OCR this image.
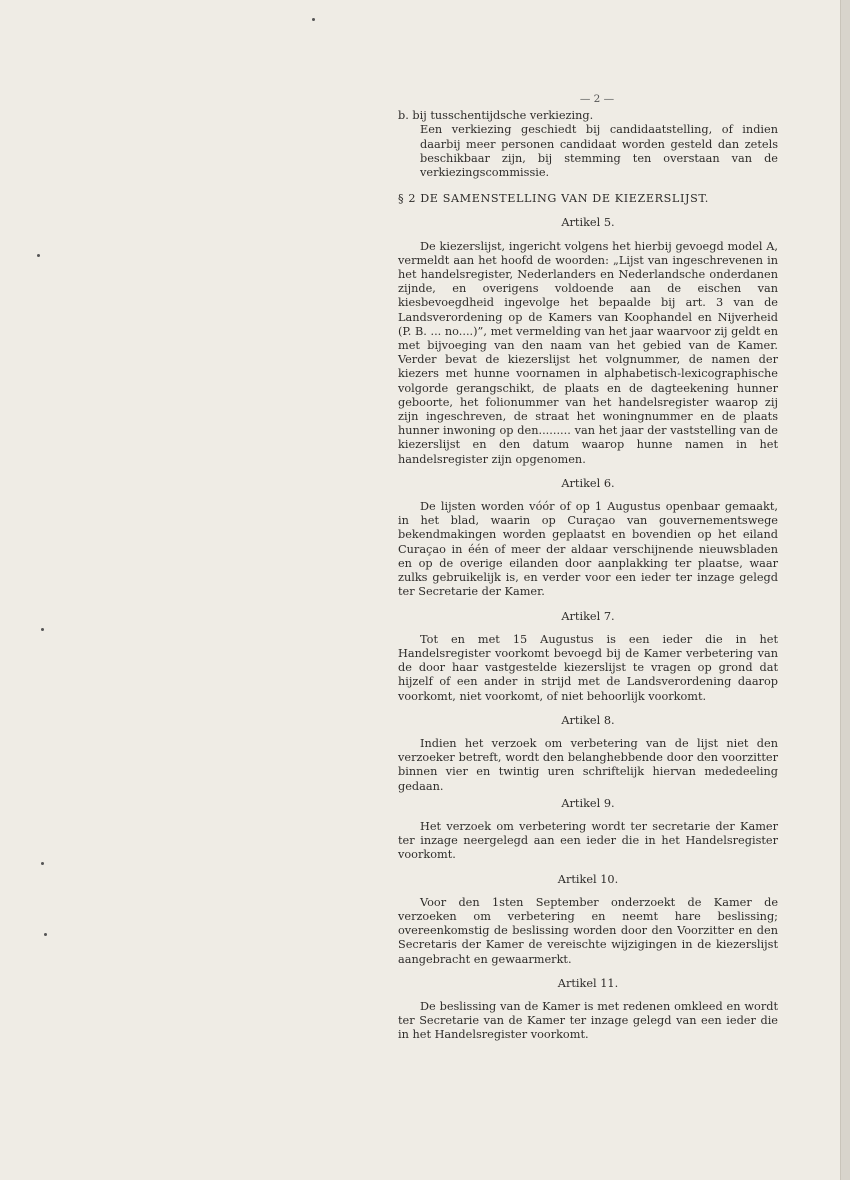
— 2 —

b. bij tusschentijdsche verkiezing.

Een verkiezing geschiedt bij candidaatstelling, of indien daarbij meer personen candidaat worden gesteld dan zetels beschikbaar zijn, bij stemming ten overstaan van de verkiezingscommissie.

§ 2 DE SAMENSTELLING VAN DE KIEZERSLIJST.
Artikel 5.

De kiezerslijst, ingericht volgens het hierbij gevoegd model A, vermeldt aan het hoofd de woorden: „Lijst van ingeschrevenen in het handelsregister, Nederlanders en Nederlandsche onderdanen zijnde, en overigens voldoende aan de eischen van kiesbevoegdheid ingevolge het bepaalde bij art. 3 van de Landsverordening op de Kamers van Koophandel en Nijverheid (P. B. ... no....)”, met vermelding van het jaar waarvoor zij geldt en met bijvoeging van den naam van het gebied van de Kamer. Verder bevat de kiezerslijst het volgnummer, de namen der kiezers met hunne voornamen in alphabetisch-lexicographische volgorde gerangschikt, de plaats en de dagteekening hunner geboorte, het folionummer van het handelsregister waarop zij zijn ingeschreven, de straat het woningnummer en de plaats hunner inwoning op den......... van het jaar der vaststelling van de kiezerslijst en den datum waarop hunne namen in het handelsregister zijn opgenomen.

Artikel 6.

De lijsten worden vóór of op 1 Augustus openbaar gemaakt, in het blad, waarin op Curaçao van gouvernementswege bekendmakingen worden geplaatst en bovendien op het eiland Curaçao in één of meer der aldaar verschijnende nieuwsbladen en op de overige eilanden door aanplakking ter plaatse, waar zulks gebruikelijk is, en verder voor een ieder ter inzage gelegd ter Secretarie der Kamer.

Artikel 7.

Tot en met 15 Augustus is een ieder die in het Handelsregister voorkomt bevoegd bij de Kamer verbetering van de door haar vastgestelde kiezerslijst te vragen op grond dat hijzelf of een ander in strijd met de Landsverordening daarop voorkomt, niet voorkomt, of niet behoorlijk voorkomt.

Artikel 8.

Indien het verzoek om verbetering van de lijst niet den verzoeker betreft, wordt den belanghebbende door den voorzitter binnen vier en twintig uren schriftelijk hiervan mededeeling gedaan.

Artikel 9.

Het verzoek om verbetering wordt ter secretarie der Kamer ter inzage neergelegd aan een ieder die in het Handelsregister voorkomt.

Artikel 10.

Voor den 1sten September onderzoekt de Kamer de verzoeken om verbetering en neemt hare beslissing; overeenkomstig de beslissing worden door den Voorzitter en den Secretaris der Kamer de vereischte wijzigingen in de kiezerslijst aangebracht en gewaarmerkt.

Artikel 11.

De beslissing van de Kamer is met redenen omkleed en wordt ter Secretarie van de Kamer ter inzage gelegd van een ieder die in het Handelsregister voorkomt.
